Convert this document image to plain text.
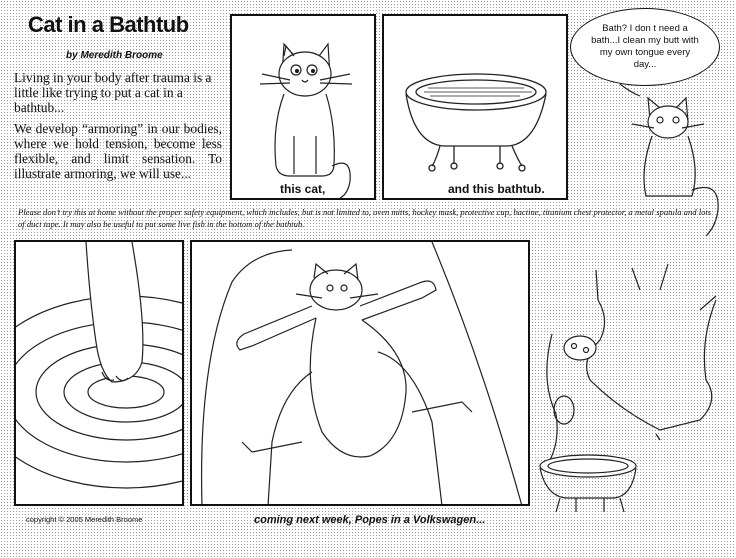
Cat in a Bathtub
by Meredith Broome
Living in your body after trauma is a little like trying to put a cat in a bathtub...
We develop “armoring” in our bodies, where we hold tension, become less flexible, and limit sensation. To illustrate armoring, we will use...
this cat,	and this bathtub.
Bath? I don t need a bath...I clean my butt with my own tongue every day...
Please don’t try this at home without the proper safety equipment, which includes, but is not limited to, oven mitts, hockey mask, protective cup, bactine, titanium chest protector, a metal spatula and lots of duct tape. It may also be useful to put some live fish in the bottom of the bathtub.
copyright © 2005 Meredith Broome	coming next week, Popes in a Volkswagen...
